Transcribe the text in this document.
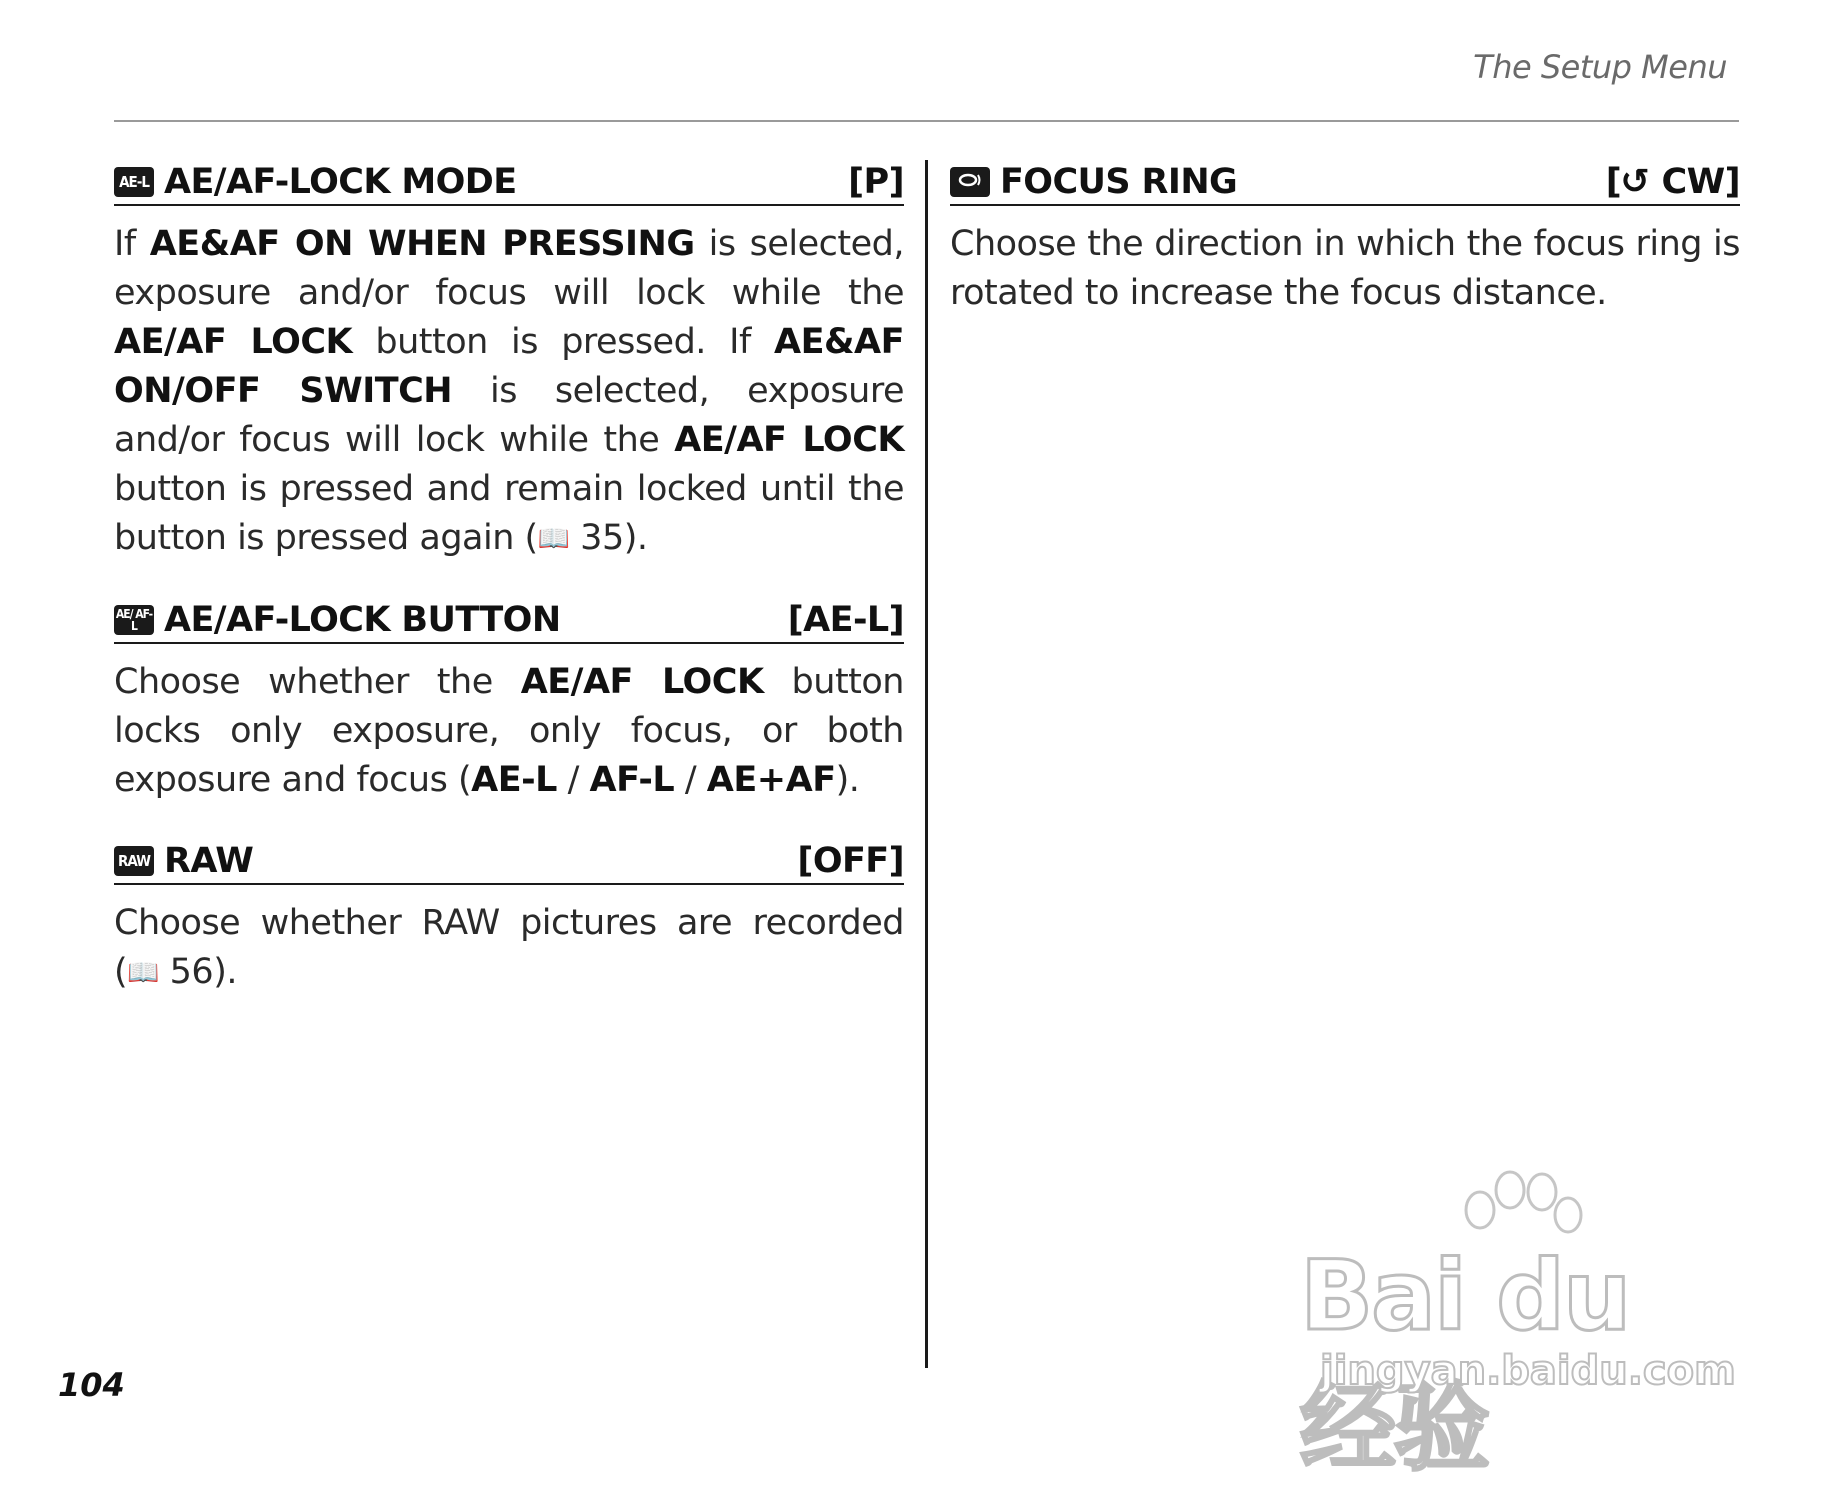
The Setup Menu
AE-L AE/AF-LOCK MODE	[P]
If AE&AF ON WHEN PRESSING is selected, exposure and/or focus will lock while the AE/AF LOCK button is pressed. If AE&AF ON/OFF SWITCH is selected, exposure and/or focus will lock while the AE/AF LOCK button is pressed and remain locked until the button is pressed again (📖 35).
AE/ AF-L AE/AF-LOCK BUTTON	[AE-L]
Choose whether the AE/AF LOCK button locks only exposure, only focus, or both exposure and focus (AE-L / AF-L / AE+AF).
RAW RAW	[OFF]
Choose whether RAW pictures are recorded (📖 56).
FOCUS RING	[↻ CW]
Choose the direction in which the focus ring is rotated to increase the focus distance.
104
Bai du 经验
jingyan.baidu.com
